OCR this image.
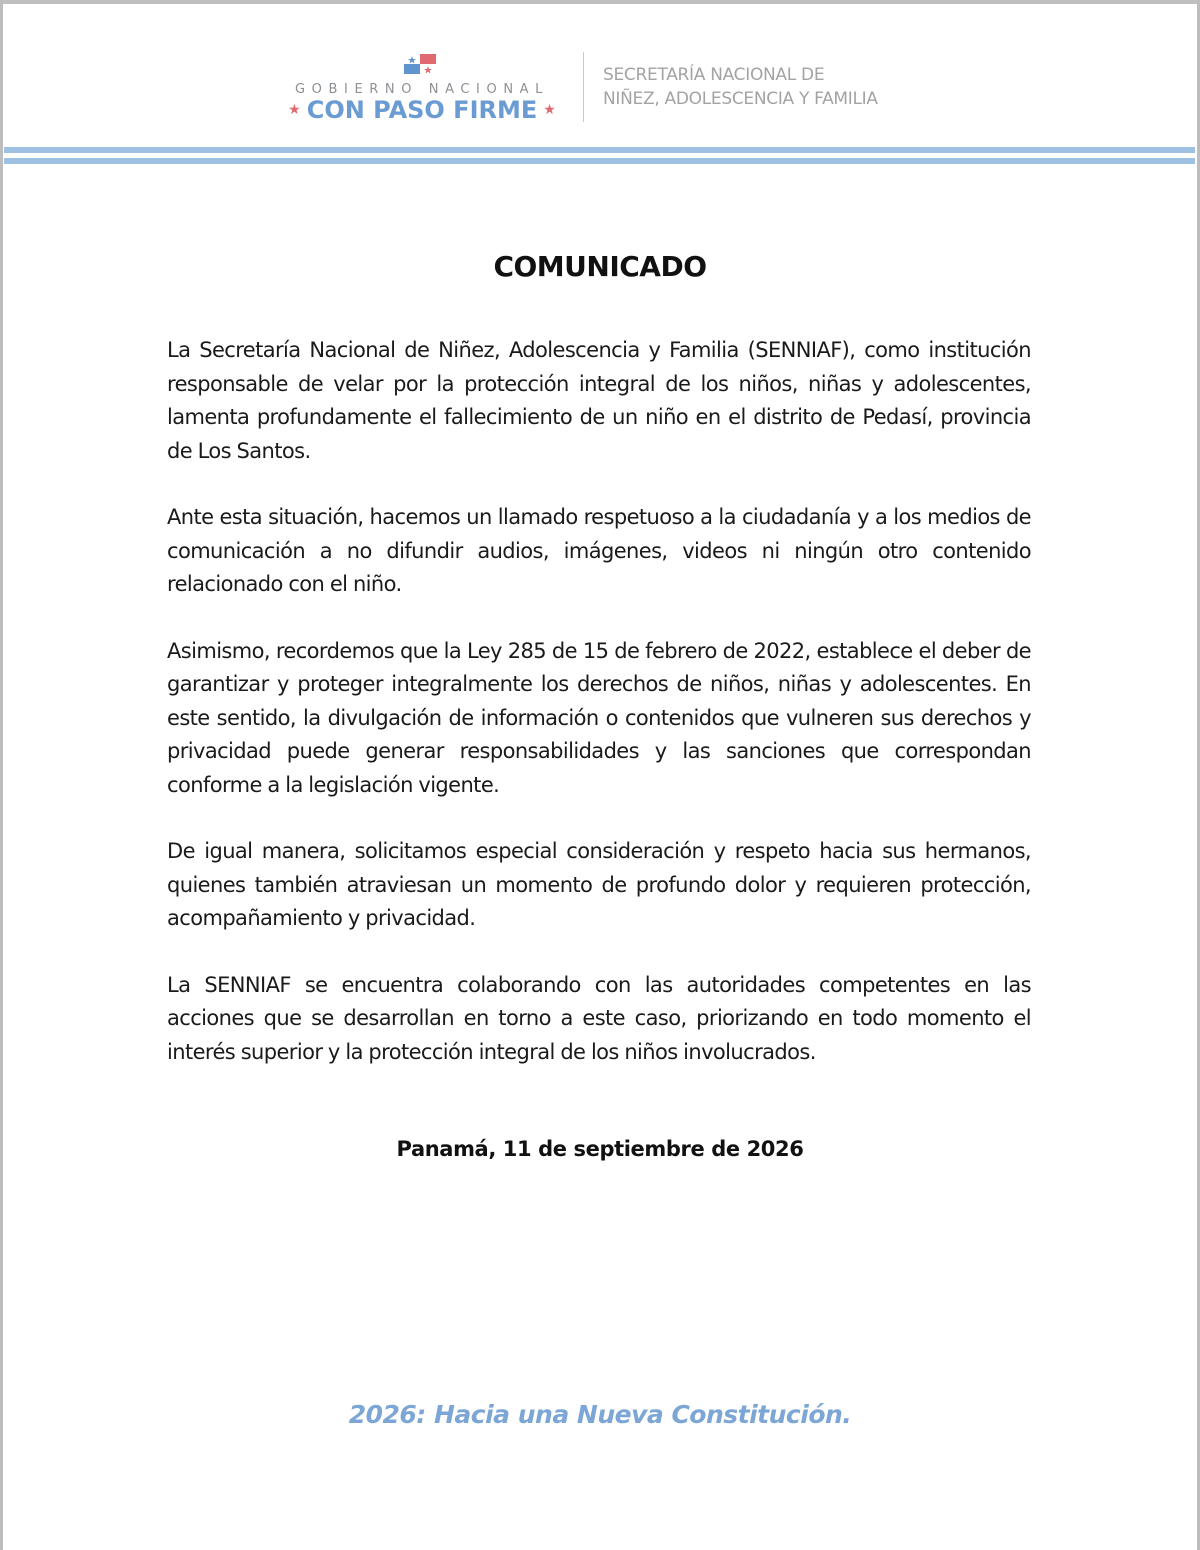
GOBIERNO NACIONAL
★ CON PASO FIRME ★
SECRETARÍA NACIONAL DE
NIÑEZ, ADOLESCENCIA Y FAMILIA
COMUNICADO

La Secretaría Nacional de Niñez, Adolescencia y Familia (SENNIAF), como institución responsable de velar por la protección integral de los niños, niñas y adolescentes, lamenta profundamente el fallecimiento de un niño en el distrito de Pedasí, provincia de Los Santos.

Ante esta situación, hacemos un llamado respetuoso a la ciudadanía y a los medios de comunicación a no difundir audios, imágenes, videos ni ningún otro contenido relacionado con el niño.

Asimismo, recordemos que la Ley 285 de 15 de febrero de 2022, establece el deber de garantizar y proteger integralmente los derechos de niños, niñas y adolescentes. En este sentido, la divulgación de información o contenidos que vulneren sus derechos y privacidad puede generar responsabilidades y las sanciones que correspondan conforme a la legislación vigente.

De igual manera, solicitamos especial consideración y respeto hacia sus hermanos, quienes también atraviesan un momento de profundo dolor y requieren protección, acompañamiento y privacidad.

La SENNIAF se encuentra colaborando con las autoridades competentes en las acciones que se desarrollan en torno a este caso, priorizando en todo momento el interés superior y la protección integral de los niños involucrados.

Panamá, 11 de septiembre de 2026
2026: Hacia una Nueva Constitución.
